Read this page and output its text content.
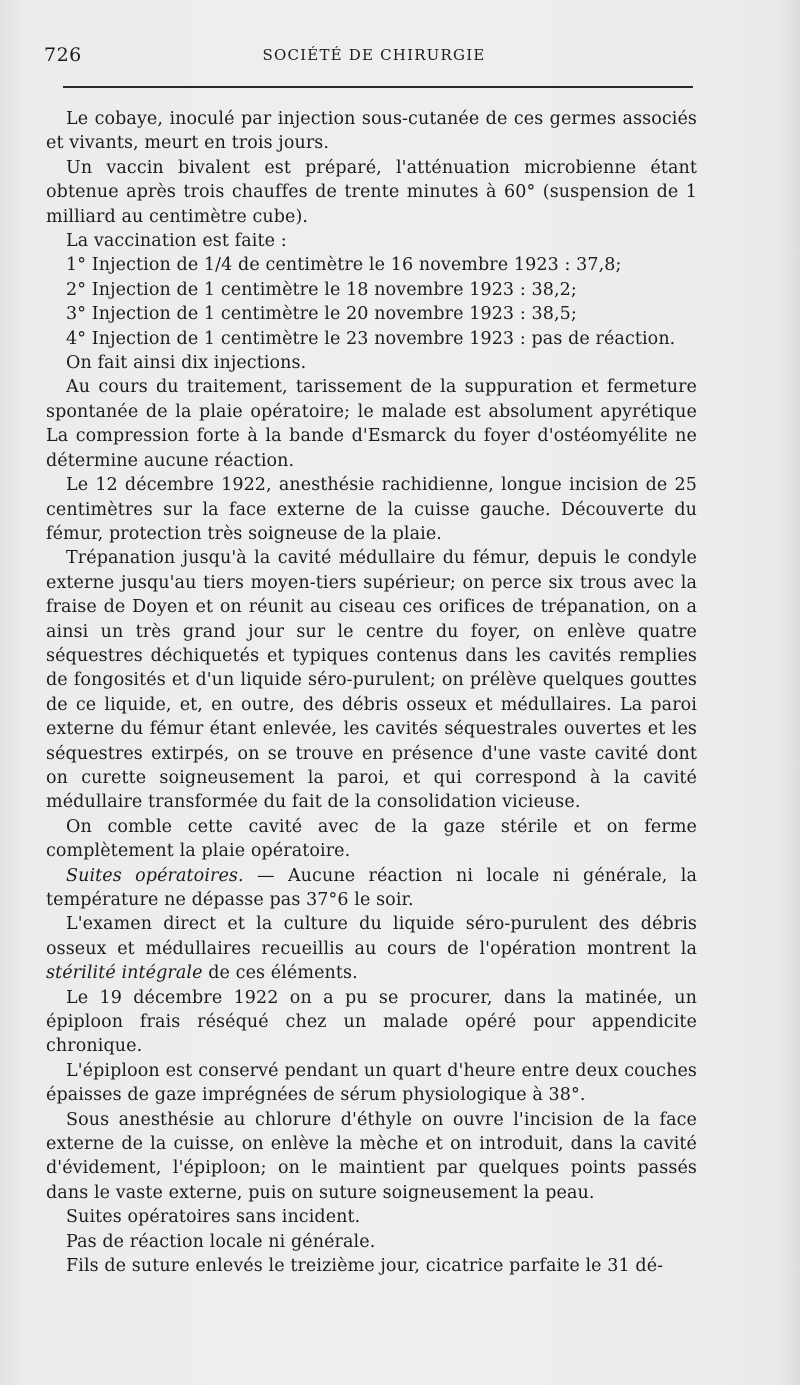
726	SOCIÉTÉ DE CHIRURGIE

Le cobaye, inoculé par injection sous-cutanée de ces germes associés et vivants, meurt en trois jours.

Un vaccin bivalent est préparé, l'atténuation microbienne étant obtenue après trois chauffes de trente minutes à 60° (suspension de 1 milliard au centimètre cube).

La vaccination est faite :

1° Injection de 1/4 de centimètre le 16 novembre 1923 : 37,8;

2° Injection de 1 centimètre le 18 novembre 1923 : 38,2;

3° Injection de 1 centimètre le 20 novembre 1923 : 38,5;

4° Injection de 1 centimètre le 23 novembre 1923 : pas de réaction.

On fait ainsi dix injections.

Au cours du traitement, tarissement de la suppuration et fermeture spontanée de la plaie opératoire; le malade est absolument apyrétique La compression forte à la bande d'Esmarck du foyer d'ostéomyélite ne détermine aucune réaction.

Le 12 décembre 1922, anesthésie rachidienne, longue incision de 25 centimètres sur la face externe de la cuisse gauche. Découverte du fémur, protection très soigneuse de la plaie.

Trépanation jusqu'à la cavité médullaire du fémur, depuis le condyle externe jusqu'au tiers moyen-tiers supérieur; on perce six trous avec la fraise de Doyen et on réunit au ciseau ces orifices de trépanation, on a ainsi un très grand jour sur le centre du foyer, on enlève quatre séquestres déchiquetés et typiques contenus dans les cavités remplies de fongosités et d'un liquide séro-purulent; on prélève quelques gouttes de ce liquide, et, en outre, des débris osseux et médullaires. La paroi externe du fémur étant enlevée, les cavités séquestrales ouvertes et les séquestres extirpés, on se trouve en présence d'une vaste cavité dont on curette soigneusement la paroi, et qui correspond à la cavité médullaire transformée du fait de la consolidation vicieuse.

On comble cette cavité avec de la gaze stérile et on ferme complètement la plaie opératoire.

Suites opératoires. — Aucune réaction ni locale ni générale, la température ne dépasse pas 37°6 le soir.

L'examen direct et la culture du liquide séro-purulent des débris osseux et médullaires recueillis au cours de l'opération montrent la stérilité intégrale de ces éléments.

Le 19 décembre 1922 on a pu se procurer, dans la matinée, un épiploon frais réséqué chez un malade opéré pour appendicite chronique.

L'épiploon est conservé pendant un quart d'heure entre deux couches épaisses de gaze imprégnées de sérum physiologique à 38°.

Sous anesthésie au chlorure d'éthyle on ouvre l'incision de la face externe de la cuisse, on enlève la mèche et on introduit, dans la cavité d'évidement, l'épiploon; on le maintient par quelques points passés dans le vaste externe, puis on suture soigneusement la peau.

Suites opératoires sans incident.

Pas de réaction locale ni générale.

Fils de suture enlevés le treizième jour, cicatrice parfaite le 31 dé-
